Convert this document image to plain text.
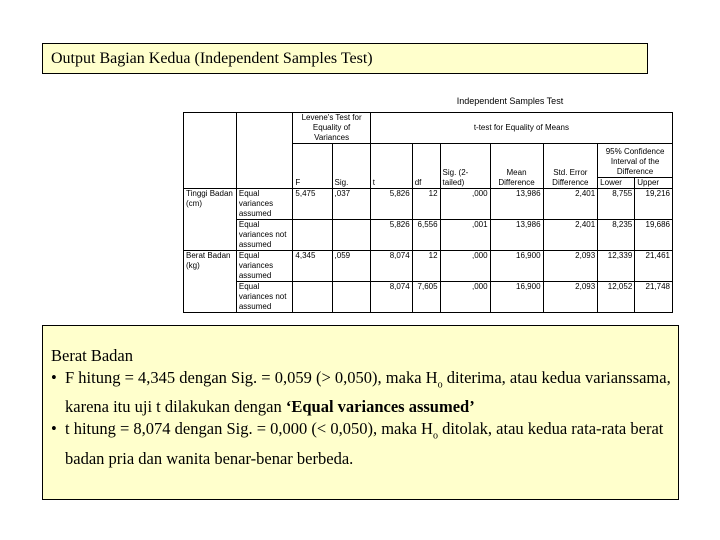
Output Bagian Kedua (Independent Samples Test)
Independent Samples Test
		Levene's Test for Equality of Variances		t-test for Equality of Means						
		F	Sig.	t	df	Sig. (2-tailed)	Mean Difference	Std. Error Difference	95% Confidence Interval of the Difference	
									Lower	Upper
Tinggi Badan (cm)	Equal variances assumed	5,475	,037	5,826	12	,000	13,986	2,401	8,755	19,216
	Equal variances not assumed			5,826	6,556	,001	13,986	2,401	8,235	19,686
Berat Badan (kg)	Equal variances assumed	4,345	,059	8,074	12	,000	16,900	2,093	12,339	21,461
	Equal variances not assumed			8,074	7,605	,000	16,900	2,093	12,052	21,748
Berat Badan
• F hitung = 4,345 dengan Sig. = 0,059 (> 0,050), maka $H_o$ diterima, atau kedua varianssama, karena itu uji t dilakukan dengan ‘Equal variances assumed’
• t hitung = 8,074 dengan Sig. = 0,000 (< 0,050), maka $H_o$ ditolak, atau kedua rata-rata berat badan pria dan wanita benar-benar berbeda.
